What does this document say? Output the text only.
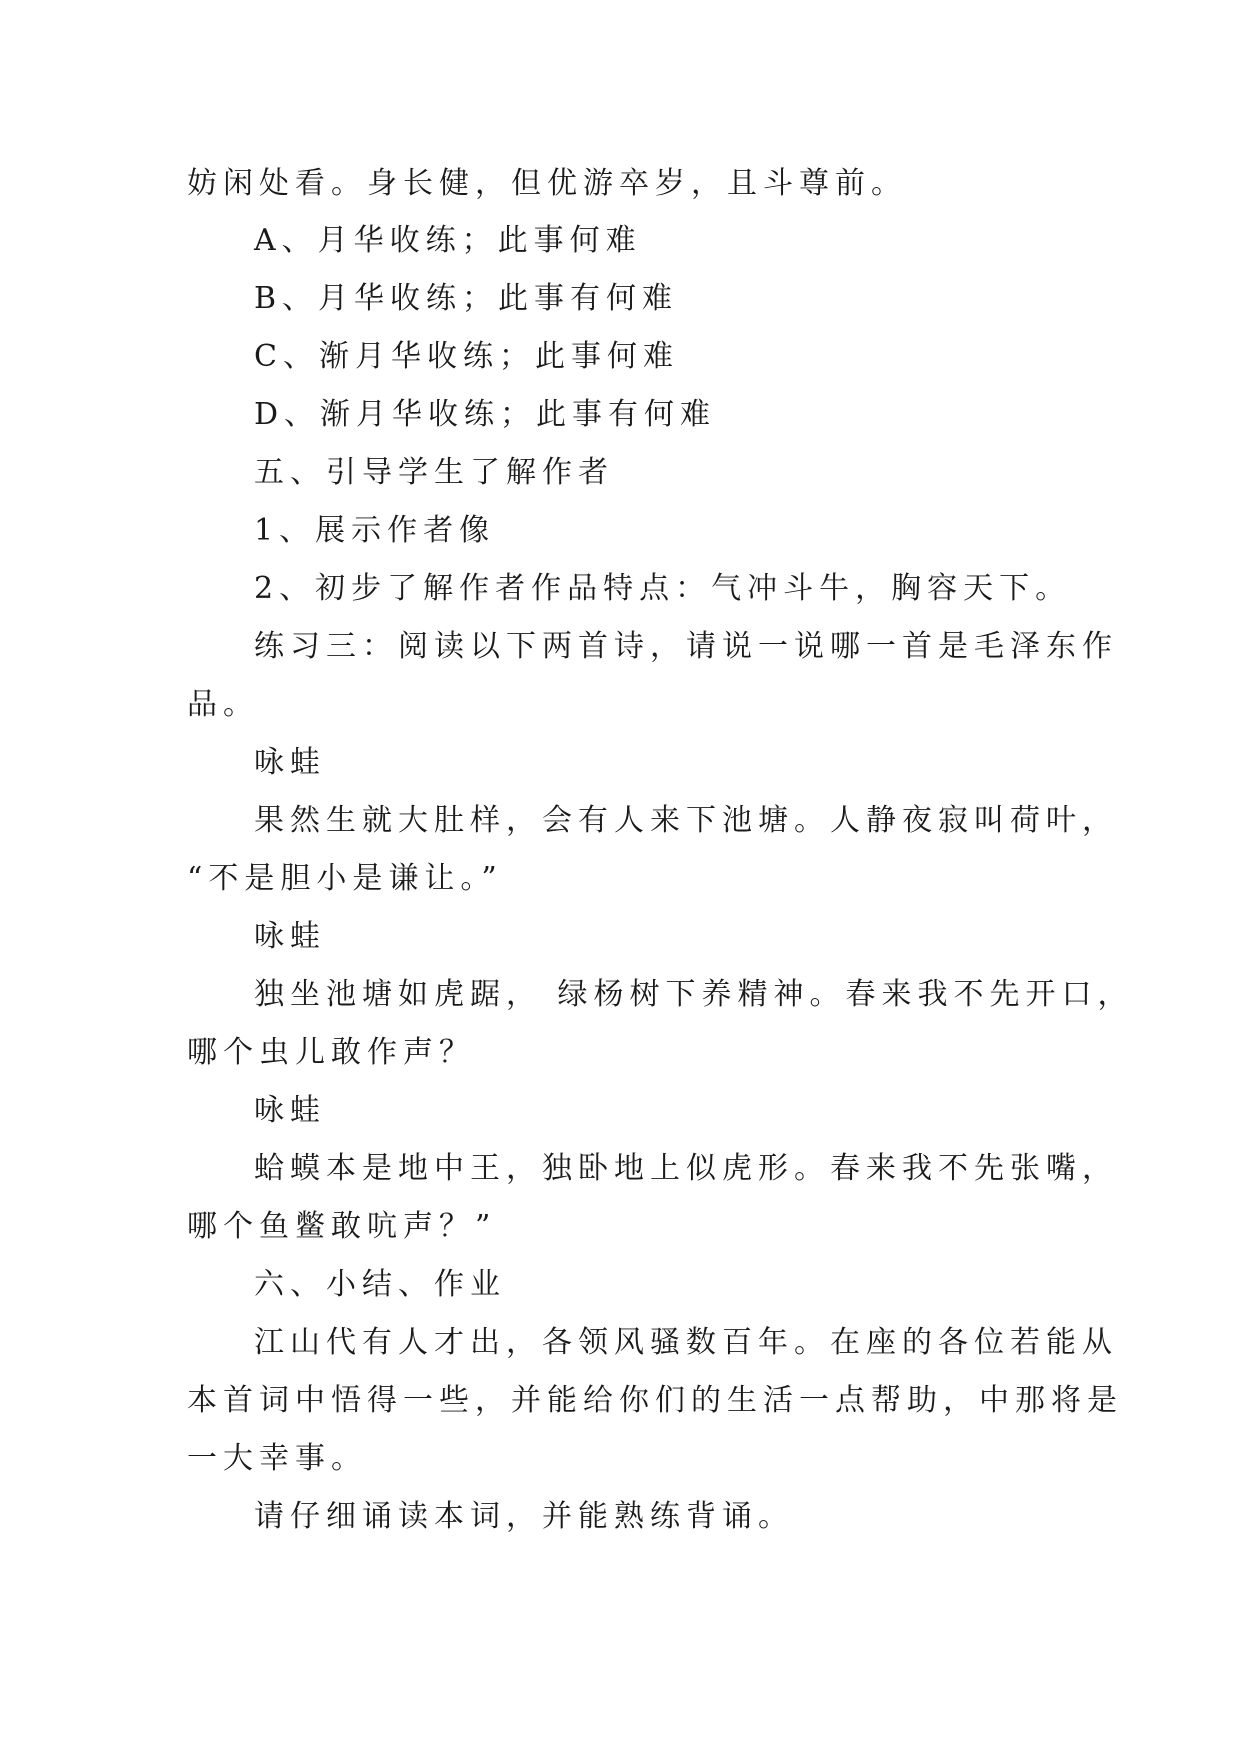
妨闲处看。身长健，但优游卒岁，且斗尊前。
A、月华收练；此事何难
B、月华收练；此事有何难
C、渐月华收练；此事何难
D、渐月华收练；此事有何难
五、引导学生了解作者
1、展示作者像
2、初步了解作者作品特点：气冲斗牛，胸容天下。
练习三：阅读以下两首诗，请说一说哪一首是毛泽东作
品。
咏蛙
果然生就大肚样，会有人来下池塘。人静夜寂叫荷叶，
“不是胆小是谦让。”
咏蛙
独坐池塘如虎踞， 绿杨树下养精神。春来我不先开口，
哪个虫儿敢作声？
咏蛙
蛤蟆本是地中王，独卧地上似虎形。春来我不先张嘴，
哪个鱼鳖敢吭声？”
六、小结、作业
江山代有人才出，各领风骚数百年。在座的各位若能从
本首词中悟得一些，并能给你们的生活一点帮助，中那将是
一大幸事。
请仔细诵读本词，并能熟练背诵。
